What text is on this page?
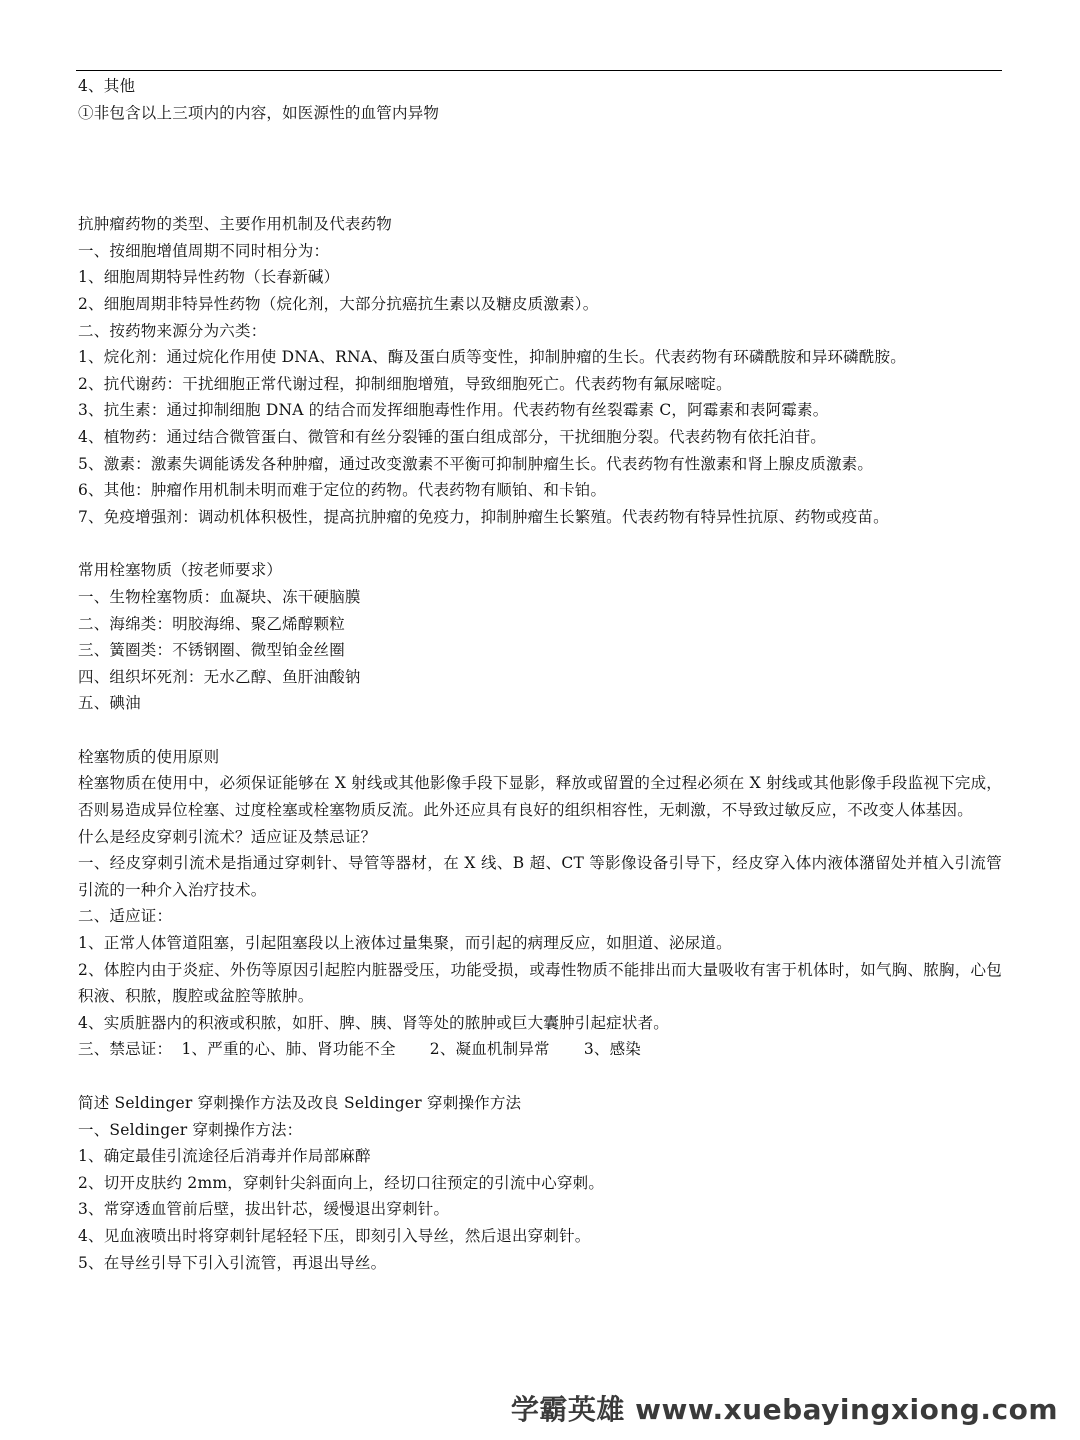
4、其他

①非包含以上三项内的内容，如医源性的血管内异物

抗肿瘤药物的类型、主要作用机制及代表药物

一、按细胞增值周期不同时相分为：

1、细胞周期特异性药物（长春新碱）

2、细胞周期非特异性药物（烷化剂，大部分抗癌抗生素以及糖皮质激素）。

二、按药物来源分为六类：

1、烷化剂：通过烷化作用使 DNA、RNA、酶及蛋白质等变性，抑制肿瘤的生长。代表药物有环磷酰胺和异环磷酰胺。

2、抗代谢药：干扰细胞正常代谢过程，抑制细胞增殖，导致细胞死亡。代表药物有氟尿嘧啶。

3、抗生素：通过抑制细胞 DNA 的结合而发挥细胞毒性作用。代表药物有丝裂霉素 C，阿霉素和表阿霉素。

4、植物药：通过结合微管蛋白、微管和有丝分裂锤的蛋白组成部分，干扰细胞分裂。代表药物有依托泊苷。

5、激素：激素失调能诱发各种肿瘤，通过改变激素不平衡可抑制肿瘤生长。代表药物有性激素和肾上腺皮质激素。

6、其他：肿瘤作用机制未明而难于定位的药物。代表药物有顺铂、和卡铂。

7、免疫增强剂：调动机体积极性，提高抗肿瘤的免疫力，抑制肿瘤生长繁殖。代表药物有特异性抗原、药物或疫苗。

常用栓塞物质（按老师要求）

一、生物栓塞物质：血凝块、冻干硬脑膜

二、海绵类：明胶海绵、聚乙烯醇颗粒

三、簧圈类：不锈钢圈、微型铂金丝圈

四、组织坏死剂：无水乙醇、鱼肝油酸钠

五、碘油

栓塞物质的使用原则

栓塞物质在使用中，必须保证能够在 X 射线或其他影像手段下显影，释放或留置的全过程必须在 X 射线或其他影像手段监视下完成，否则易造成异位栓塞、过度栓塞或栓塞物质反流。此外还应具有良好的组织相容性，无刺激，不导致过敏反应，不改变人体基因。

什么是经皮穿刺引流术？适应证及禁忌证？

一、经皮穿刺引流术是指通过穿刺针、导管等器材，在 X 线、B 超、CT 等影像设备引导下，经皮穿入体内液体潴留处并植入引流管引流的一种介入治疗技术。

二、适应证：

1、正常人体管道阻塞，引起阻塞段以上液体过量集聚，而引起的病理反应，如胆道、泌尿道。

2、体腔内由于炎症、外伤等原因引起腔内脏器受压，功能受损，或毒性物质不能排出而大量吸收有害于机体时，如气胸、脓胸，心包积液、积脓，腹腔或盆腔等脓肿。

4、实质脏器内的积液或积脓，如肝、脾、胰、肾等处的脓肿或巨大囊肿引起症状者。

三、禁忌证： 1、严重的心、肺、肾功能不全 2、凝血机制异常 3、感染

简述 Seldinger 穿刺操作方法及改良 Seldinger 穿刺操作方法

一、Seldinger 穿刺操作方法：

1、确定最佳引流途径后消毒并作局部麻醉

2、切开皮肤约 2mm，穿刺针尖斜面向上，经切口往预定的引流中心穿刺。

3、常穿透血管前后壁，拔出针芯，缓慢退出穿刺针。

4、见血液喷出时将穿刺针尾轻轻下压，即刻引入导丝，然后退出穿刺针。

5、在导丝引导下引入引流管，再退出导丝。

学霸英雄 www.xuebayingxiong.com
